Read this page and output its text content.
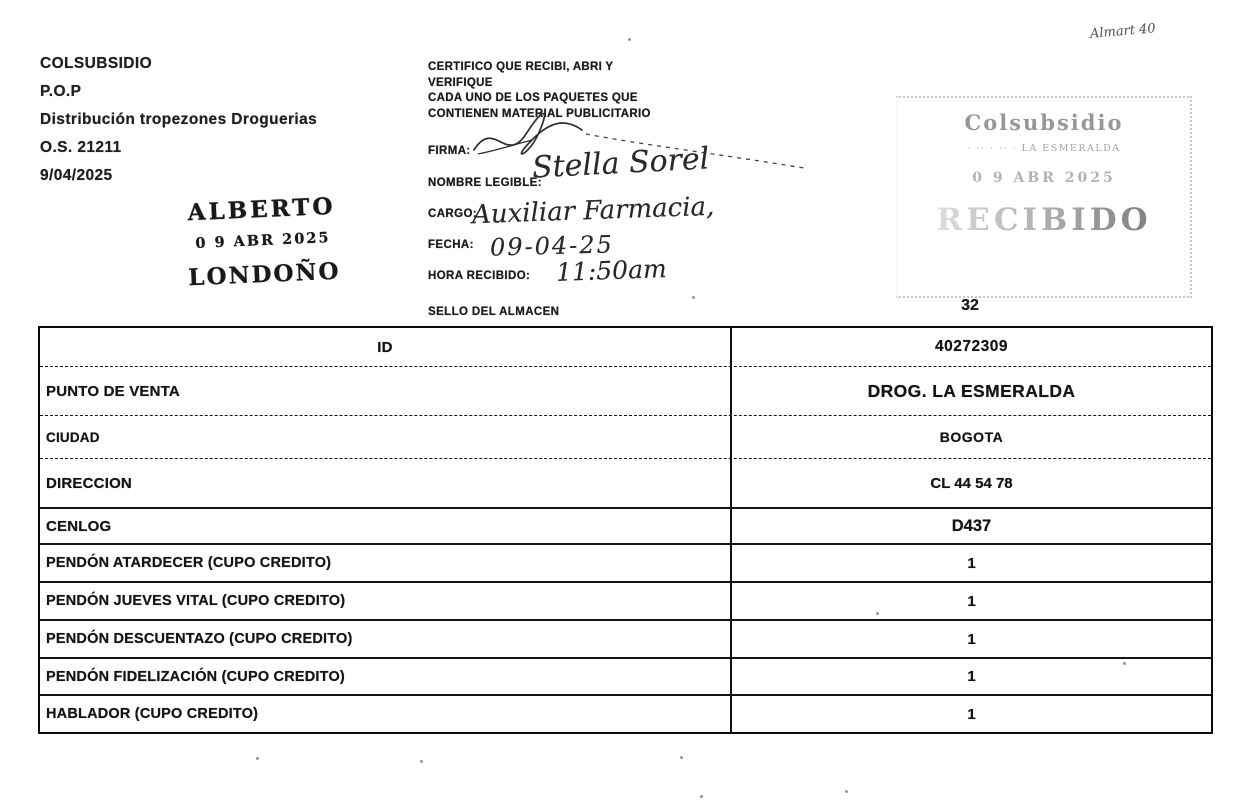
COLSUBSIDIO
P.O.P
Distribución tropezones Droguerias
O.S. 21211
9/04/2025
ALBERTO
0 9 ABR 2025
LONDOÑO
CERTIFICO QUE RECIBI, ABRI Y
VERIFIQUE
CADA UNO DE LOS PAQUETES QUE
CONTIENEN MATERIAL PUBLICITARIO
FIRMA:
NOMBRE LEGIBLE:
CARGO:
FECHA:
HORA RECIBIDO:
SELLO DEL ALMACEN
Stella Sorel
Auxiliar Farmacia,
09-04-25
11:50am
Almart 40
Colsubsidio
· ·· · ·· · LA ESMERALDA
0 9 ABR 2025
RECIBIDO
32
ID	40272309
PUNTO DE VENTA	DROG. LA ESMERALDA
CIUDAD	BOGOTA
DIRECCION	CL 44 54 78
CENLOG	D437
PENDÓN ATARDECER (CUPO CREDITO)	1
PENDÓN JUEVES VITAL (CUPO CREDITO)	1
PENDÓN DESCUENTAZO (CUPO CREDITO)	1
PENDÓN FIDELIZACIÓN (CUPO CREDITO)	1
HABLADOR (CUPO CREDITO)	1
